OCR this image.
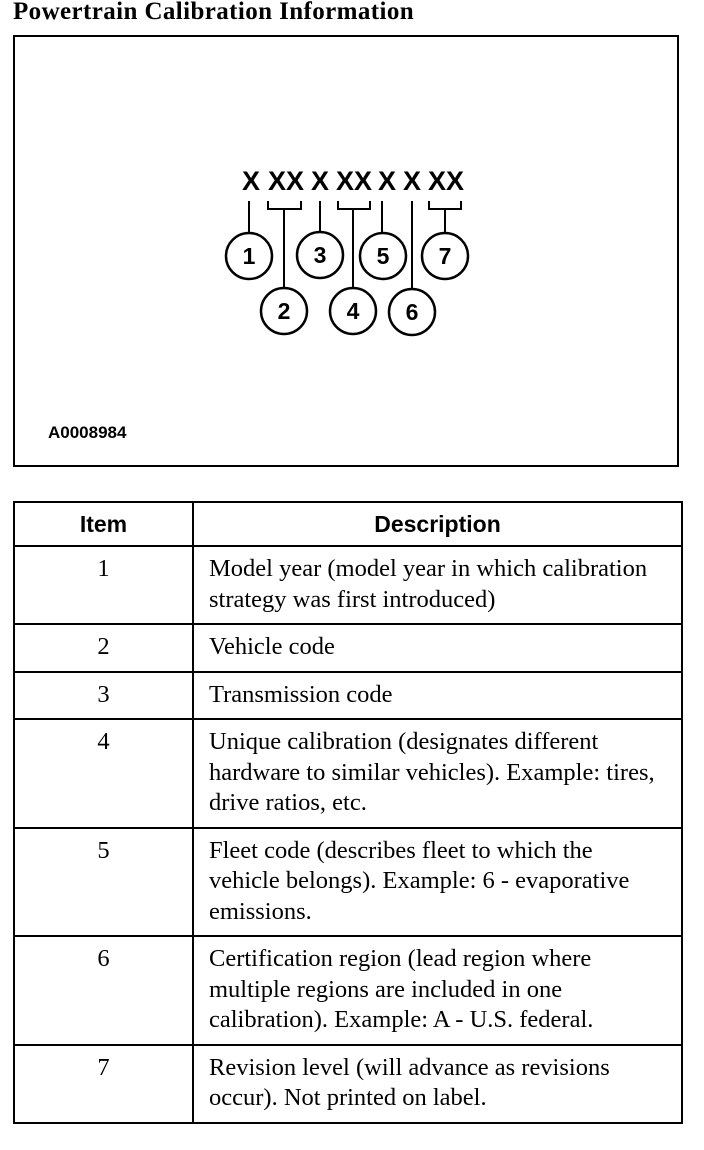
Powertrain Calibration Information
X XX X XX X X XX
1
2
3
4
5
6
7
A0008984
Item	Description
1	Model year (model year in which calibration strategy was first introduced)
2	Vehicle code
3	Transmission code
4	Unique calibration (designates different hardware to similar vehicles). Example: tires, drive ratios, etc.
5	Fleet code (describes fleet to which the vehicle belongs). Example: 6 - evaporative emissions.
6	Certification region (lead region where multiple regions are included in one calibration). Example: A - U.S. federal.
7	Revision level (will advance as revisions occur). Not printed on label.
